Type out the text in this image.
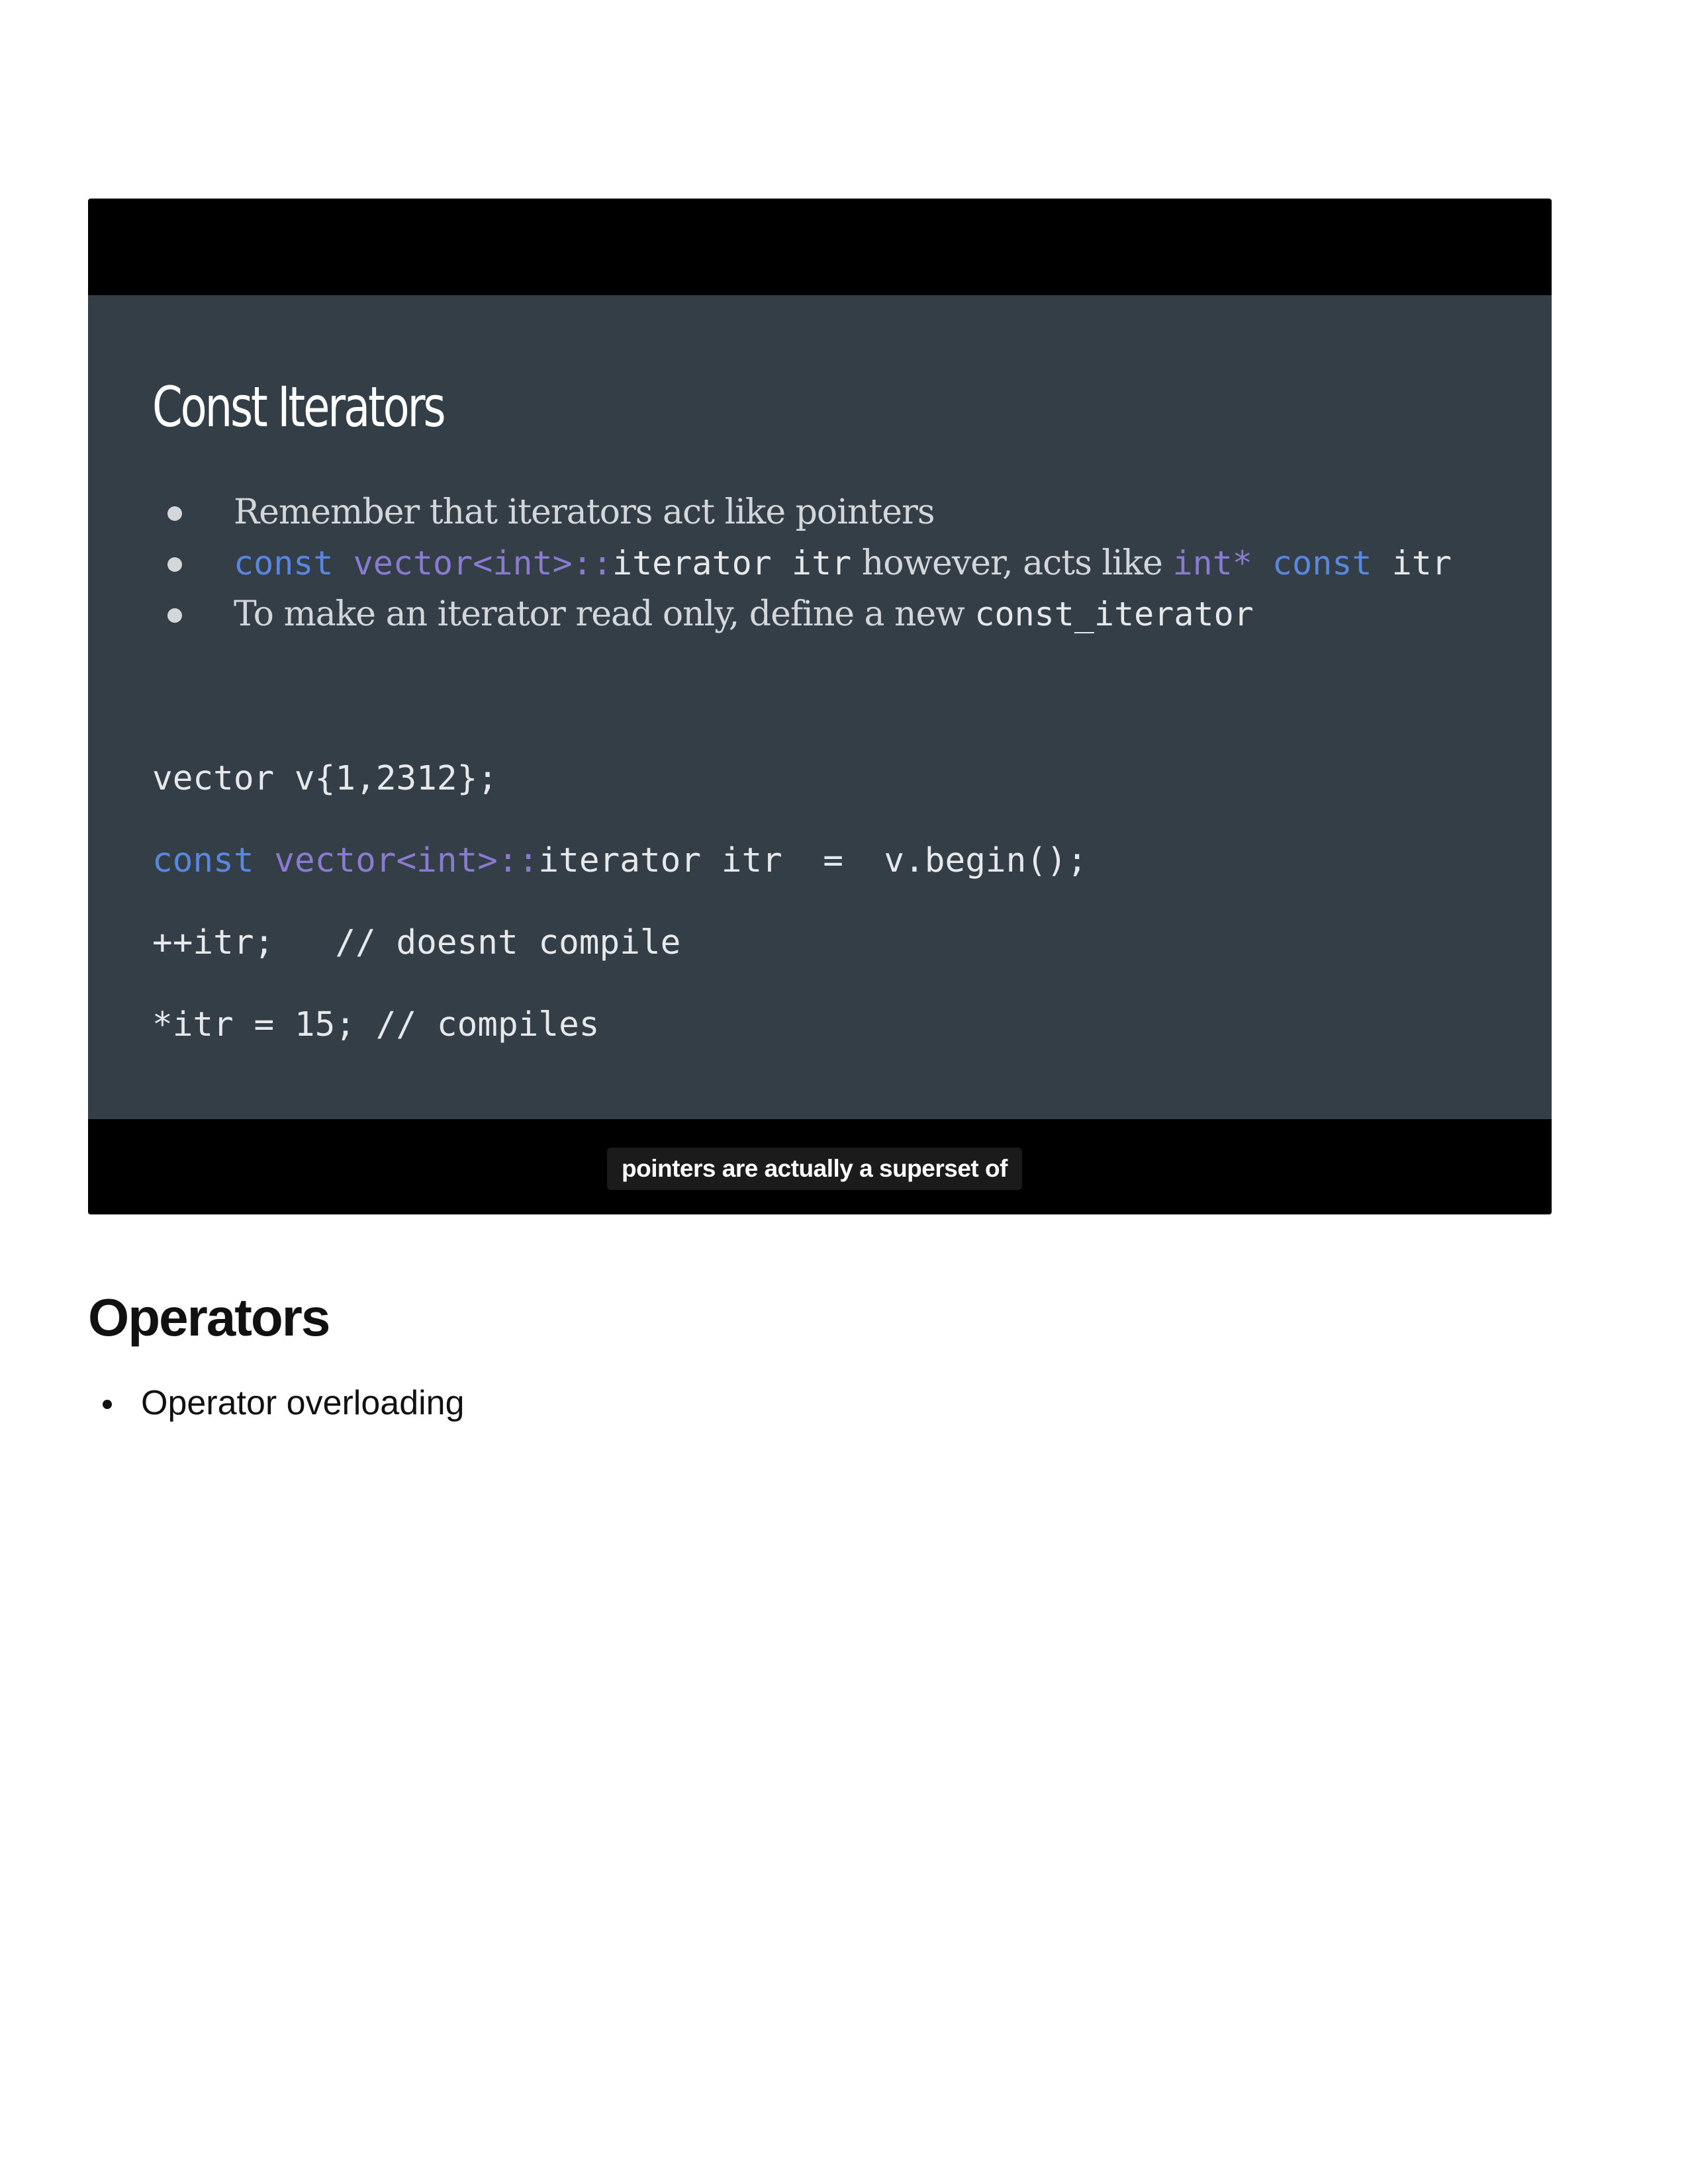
Const Iterators
Remember that iterators act like pointers
const vector<int>::iterator itr however, acts like int* const itr
To make an iterator read only, define a new const_iterator
vector v{1,2312};
const vector<int>::iterator itr  =  v.begin();
++itr;   // doesnt compile
*itr = 15; // compiles
pointers are actually a superset of
Operators
Operator overloading
